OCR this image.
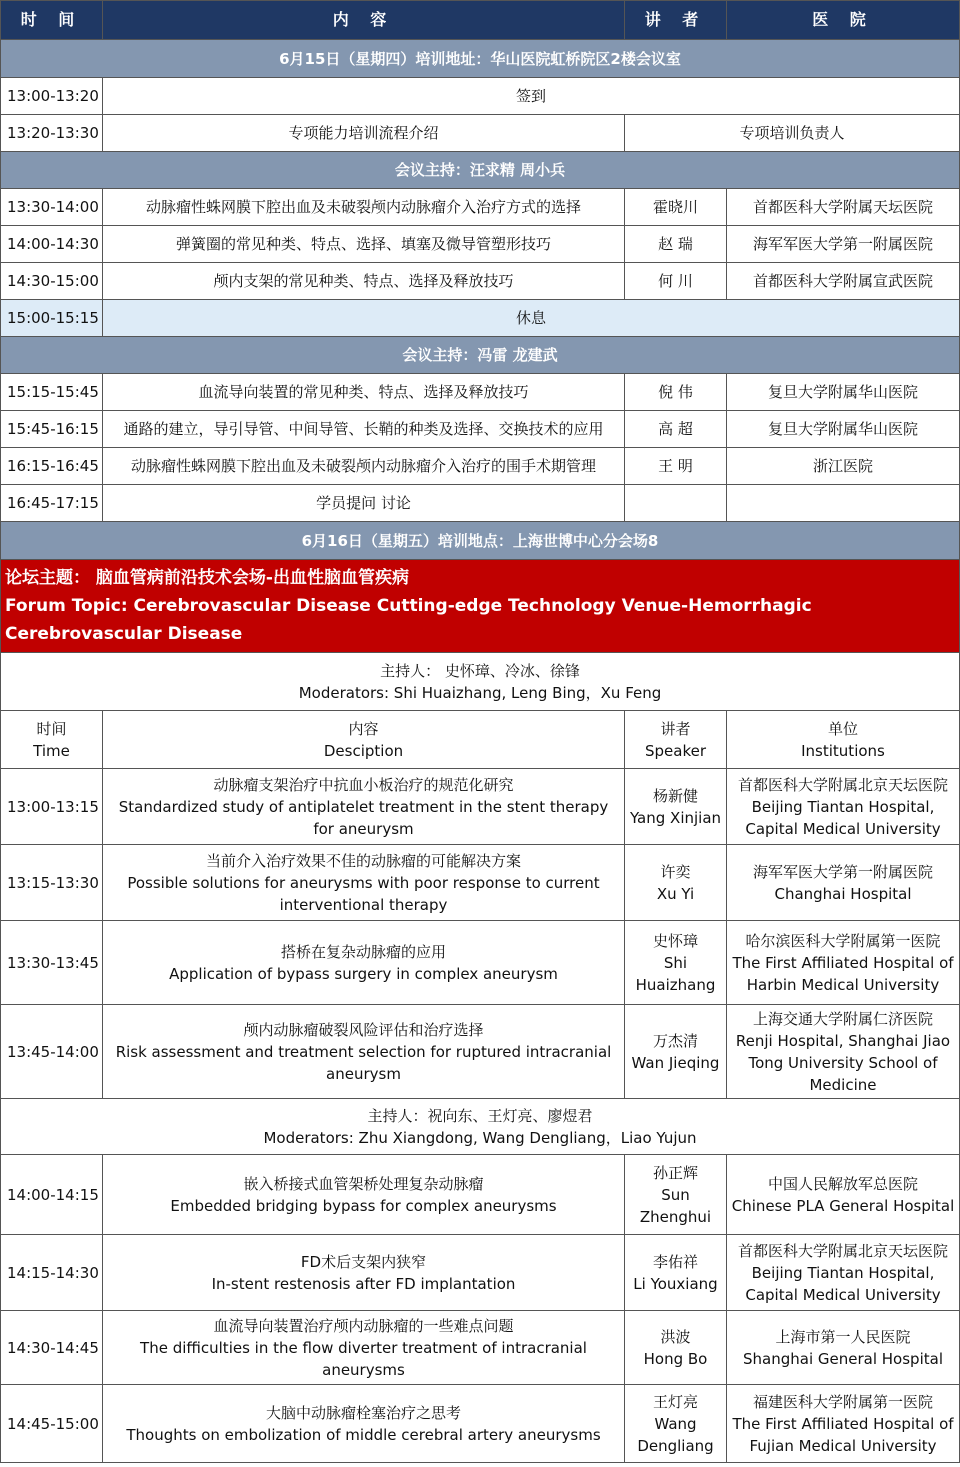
时 间	内 容	讲 者	医 院
6月15日（星期四）培训地址：华山医院虹桥院区2楼会议室			
13:00-13:20	签到		
13:20-13:30	专项能力培训流程介绍	专项培训负责人	
会议主持：汪求精 周小兵			
13:30-14:00	动脉瘤性蛛网膜下腔出血及未破裂颅内动脉瘤介入治疗方式的选择	霍晓川	首都医科大学附属天坛医院
14:00-14:30	弹簧圈的常见种类、特点、选择、填塞及微导管塑形技巧	赵 瑞	海军军医大学第一附属医院
14:30-15:00	颅内支架的常见种类、特点、选择及释放技巧	何 川	首都医科大学附属宣武医院
15:00-15:15	休息		
会议主持：冯雷 龙建武			
15:15-15:45	血流导向装置的常见种类、特点、选择及释放技巧	倪 伟	复旦大学附属华山医院
15:45-16:15	通路的建立，导引导管、中间导管、长鞘的种类及选择、交换技术的应用	高 超	复旦大学附属华山医院
16:15-16:45	动脉瘤性蛛网膜下腔出血及未破裂颅内动脉瘤介入治疗的围手术期管理	王 明	浙江医院
16:45-17:15	学员提问 讨论		
6月16日（星期五）培训地点：上海世博中心分会场8			

论坛主题： 脑血管病前沿技术会场-出血性脑血管疾病
Forum Topic: Cerebrovascular Disease Cutting-edge Technology Venue-Hemorrhagic Cerebrovascular Disease			

主持人： 史怀璋、冷冰、徐锋
Moderators: Shi Huaizhang, Leng Bing，Xu Feng			

时间
Time	内容
Desciption	讲者
Speaker	单位
Institutions

13:00-13:15	动脉瘤支架治疗中抗血小板治疗的规范化研究
Standardized study of antiplatelet treatment in the stent therapy
for aneurysm	杨新健
Yang Xinjian	首都医科大学附属北京天坛医院
Beijing Tiantan Hospital,
Capital Medical University

13:15-13:30	当前介入治疗效果不佳的动脉瘤的可能解决方案
Possible solutions for aneurysms with poor response to current
interventional therapy	许奕
Xu Yi	海军军医大学第一附属医院
Changhai Hospital

13:30-13:45	搭桥在复杂动脉瘤的应用
Application of bypass surgery in complex aneurysm	史怀璋
Shi
Huaizhang	哈尔滨医科大学附属第一医院
The First Affiliated Hospital of
Harbin Medical University

13:45-14:00	颅内动脉瘤破裂风险评估和治疗选择
Risk assessment and treatment selection for ruptured intracranial
aneurysm	万杰清
Wan Jieqing	上海交通大学附属仁济医院
Renji Hospital, Shanghai Jiao
Tong University School of
Medicine

主持人：祝向东、王灯亮、廖煜君
Moderators: Zhu Xiangdong, Wang Dengliang，Liao Yujun			

14:00-14:15	嵌入桥接式血管架桥处理复杂动脉瘤
Embedded bridging bypass for complex aneurysms	孙正辉
Sun
Zhenghui	中国人民解放军总医院
Chinese PLA General Hospital

14:15-14:30	FD术后支架内狭窄
In-stent restenosis after FD implantation	李佑祥
Li Youxiang	首都医科大学附属北京天坛医院
Beijing Tiantan Hospital,
Capital Medical University

14:30-14:45	血流导向装置治疗颅内动脉瘤的一些难点问题
The difficulties in the flow diverter treatment of intracranial
aneurysms	洪波
Hong Bo	上海市第一人民医院
Shanghai General Hospital

14:45-15:00	大脑中动脉瘤栓塞治疗之思考
Thoughts on embolization of middle cerebral artery aneurysms	王灯亮
Wang
Dengliang	福建医科大学附属第一医院
The First Affiliated Hospital of
Fujian Medical University
